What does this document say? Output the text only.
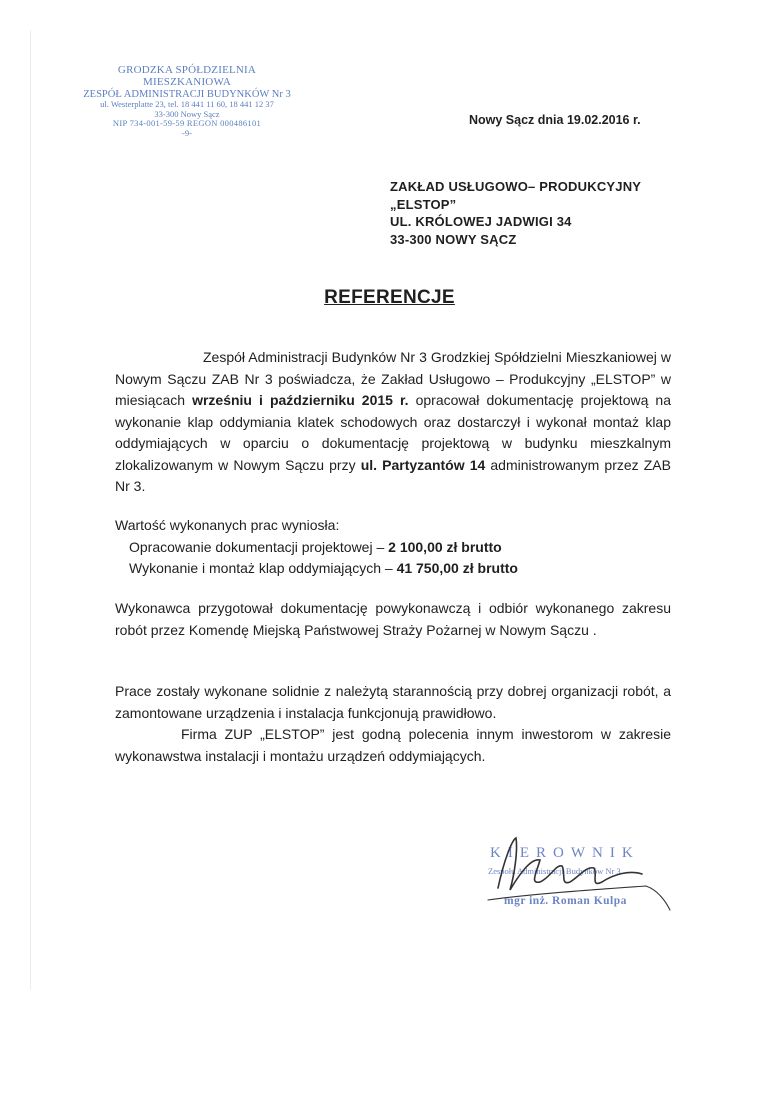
GRODZKA SPÓŁDZIELNIA MIESZKANIOWA
ZESPÓŁ ADMINISTRACJI BUDYNKÓW Nr 3
ul. Westerplatte 23, tel. 18 441 11 60, 18 441 12 37
33-300 Nowy Sącz
NIP 734-001-59-59 REGON 000486101
-9-
Nowy Sącz dnia 19.02.2016 r.
ZAKŁAD USŁUGOWO– PRODUKCYJNY
„ELSTOP”
UL. KRÓLOWEJ JADWIGI 34
33-300 NOWY SĄCZ
REFERENCJE
Zespół Administracji Budynków Nr 3 Grodzkiej Spółdzielni Mieszkaniowej w Nowym Sączu ZAB Nr 3 poświadcza, że Zakład Usługowo – Produkcyjny „ELSTOP” w miesiącach wrześniu i październiku 2015 r. opracował dokumentację projektową na wykonanie klap oddymiania klatek schodowych oraz dostarczył i wykonał montaż klap oddymiających w oparciu o dokumentację projektową w budynku mieszkalnym zlokalizowanym w Nowym Sączu przy ul. Partyzantów 14 administrowanym przez ZAB Nr 3.
Wartość wykonanych prac wyniosła:
Opracowanie dokumentacji projektowej – 2 100,00 zł brutto
Wykonanie i montaż klap oddymiających – 41 750,00 zł brutto
Wykonawca przygotował dokumentację powykonawczą i odbiór wykonanego zakresu robót przez Komendę Miejską Państwowej Straży Pożarnej w Nowym Sączu .
Prace zostały wykonane solidnie z należytą starannością przy dobrej organizacji robót, a zamontowane urządzenia i instalacja funkcjonują prawidłowo.
Firma ZUP „ELSTOP” jest godną polecenia innym inwestorom w zakresie wykonawstwa instalacji i montażu urządzeń oddymiających.
KIEROWNIK
Zespołu Administracji Budynków Nr 3
mgr inż. Roman Kulpa
